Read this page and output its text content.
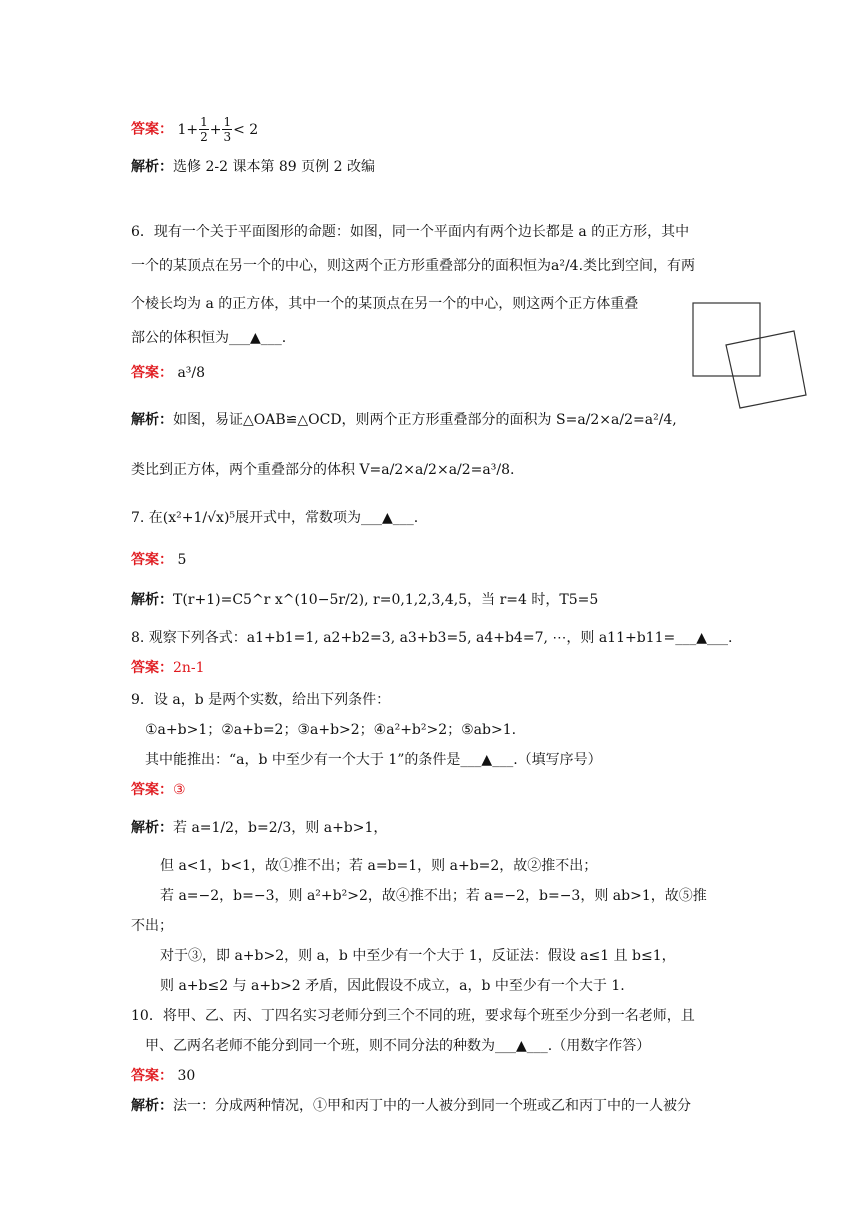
答案： $1+ \frac{1}{2} + \frac{1}{3} < 2$
解析：选修 2-2 课本第 89 页例 2 改编
6．现有一个关于平面图形的命题：如图，同一个平面内有两个边长都是 a 的正方形，其中
一个的某顶点在另一个的中心，则这两个正方形重叠部分的面积恒为a²/4.类比到空间，有两
个棱长均为 a 的正方体，其中一个的某顶点在另一个的中心，则这两个正方体重叠
部公的体积恒为___▲___.
答案： a³/8
解析：如图，易证△OAB≌△OCD，则两个正方形重叠部分的面积为 S=a/2×a/2=a²/4,
类比到正方体，两个重叠部分的体积 V=a/2×a/2×a/2=a³/8.
7. 在(x²+1/√x)⁵展开式中，常数项为___▲___.
答案： 5
解析：T(r+1)=C5^r x^(10−5r/2), r=0,1,2,3,4,5，当 r=4 时，T5=5
8. 观察下列各式：a1+b1=1, a2+b2=3, a3+b3=5, a4+b4=7, ⋯，则 a11+b11=___▲___.
答案：2n-1
9．设 a，b 是两个实数，给出下列条件：
①a+b>1；②a+b=2；③a+b>2；④a²+b²>2；⑤ab>1.
其中能推出：“a，b 中至少有一个大于 1”的条件是___▲___.（填写序号）
答案：③
解析：若 a=1/2，b=2/3，则 a+b>1，
但 a<1，b<1，故①推不出；若 a=b=1，则 a+b=2，故②推不出；
若 a=−2，b=−3，则 a²+b²>2，故④推不出；若 a=−2，b=−3，则 ab>1，故⑤推
不出；
对于③，即 a+b>2，则 a，b 中至少有一个大于 1，反证法：假设 a≤1 且 b≤1，
则 a+b≤2 与 a+b>2 矛盾，因此假设不成立，a，b 中至少有一个大于 1.
10．将甲、乙、丙、丁四名实习老师分到三个不同的班，要求每个班至少分到一名老师，且
甲、乙两名老师不能分到同一个班，则不同分法的种数为___▲___.（用数字作答）
答案： 30
解析：法一：分成两种情况，①甲和丙丁中的一人被分到同一个班或乙和丙丁中的一人被分
